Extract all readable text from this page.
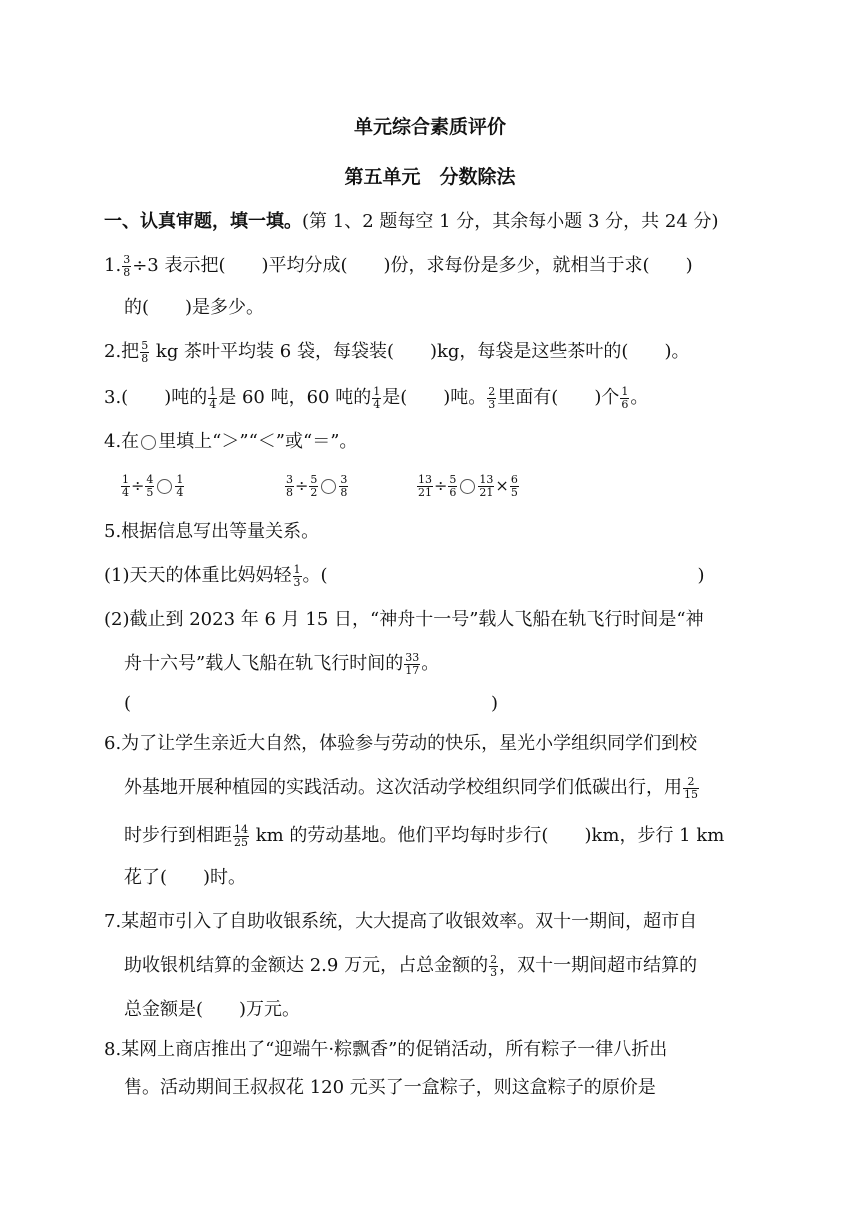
单元综合素质评价
第五单元　分数除法
一、认真审题，填一填。(第 1、2 题每空 1 分，其余每小题 3 分，共 24 分)
1. $\frac{3}{8} \div 3$ 表示把( )平均分成( )份，求每份是多少，就相当于求( )
的( )是多少。
2.把 $\frac{5}{8}$ kg 茶叶平均装 6 袋，每袋装( )kg，每袋是这些茶叶的( )。
3.( )吨的 $\frac{1}{4}$ 是 60 吨，60 吨的 $\frac{1}{4}$ 是( )吨。 $\frac{2}{3}$ 里面有( )个 $\frac{1}{6}$ 。
4.在 里填上“＞”“＜”或“＝”。
$\frac{1}{4} \div \frac{4}{5} \frac{1}{4}$	$\frac{3}{8} \div \frac{5}{2} \frac{3}{8}$	$\frac{13}{21} \div \frac{5}{6} \frac{13}{21} \times \frac{6}{5}$
5.根据信息写出等量关系。
(1)天天的体重比妈妈轻 $\frac{1}{3}$ 。(	)
(2)截止到 2023 年 6 月 15 日，“神舟十一号”载人飞船在轨飞行时间是“神
舟十六号”载人飞船在轨飞行时间的 $\frac{33}{17}$ 。
(	)
6.为了让学生亲近大自然，体验参与劳动的快乐，星光小学组织同学们到校
外基地开展种植园的实践活动。这次活动学校组织同学们低碳出行，用 $\frac{2}{15}$
时步行到相距 $\frac{14}{25}$ km 的劳动基地。他们平均每时步行( )km，步行 1 km
花了( )时。
7.某超市引入了自助收银系统，大大提高了收银效率。双十一期间，超市自
助收银机结算的金额达 2.9 万元，占总金额的 $\frac{2}{3}$ ，双十一期间超市结算的
总金额是( )万元。
8.某网上商店推出了“迎端午·粽飘香”的促销活动，所有粽子一律八折出
售。活动期间王叔叔花 120 元买了一盒粽子，则这盒粽子的原价是
